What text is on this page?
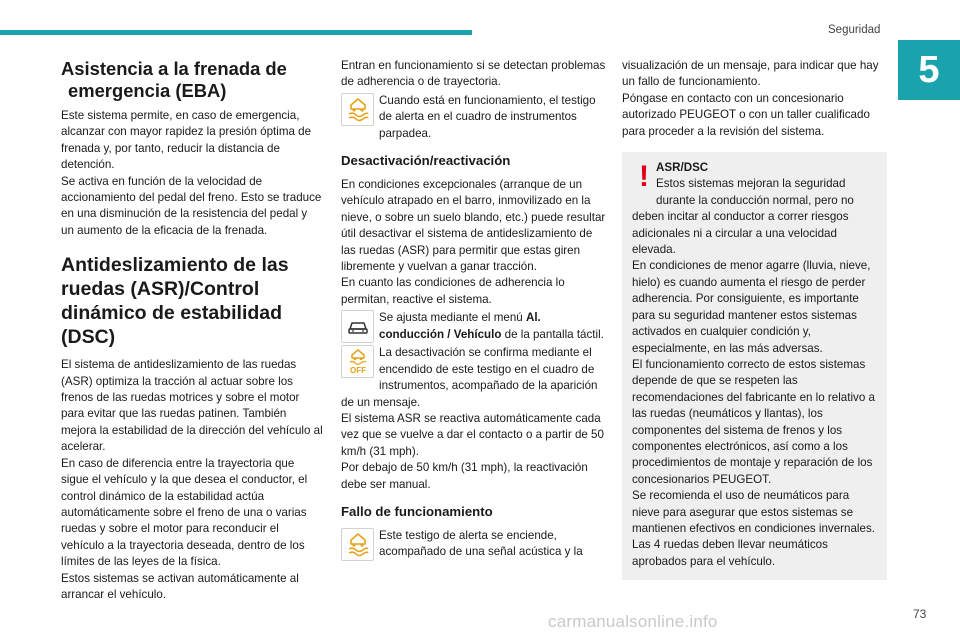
Seguridad
5
Asistencia a la frenada de emergencia (EBA)

Este sistema permite, en caso de emergencia, alcanzar con mayor rapidez la presión óptima de frenada y, por tanto, reducir la distancia de detención.

Se activa en función de la velocidad de accionamiento del pedal del freno. Esto se traduce en una disminución de la resistencia del pedal y un aumento de la eficacia de la frenada.

Antideslizamiento de las ruedas (ASR)/Control dinámico de estabilidad (DSC)

El sistema de antideslizamiento de las ruedas (ASR) optimiza la tracción al actuar sobre los frenos de las ruedas motrices y sobre el motor para evitar que las ruedas patinen. También mejora la estabilidad de la dirección del vehículo al acelerar.

En caso de diferencia entre la trayectoria que sigue el vehículo y la que desea el conductor, el control dinámico de la estabilidad actúa automáticamente sobre el freno de una o varias ruedas y sobre el motor para reconducir el vehículo a la trayectoria deseada, dentro de los límites de las leyes de la física.

Estos sistemas se activan automáticamente al arrancar el vehículo.

Entran en funcionamiento si se detectan problemas de adherencia o de trayectoria.

Cuando está en funcionamiento, el testigo de alerta en el cuadro de instrumentos parpadea.

Desactivación/reactivación

En condiciones excepcionales (arranque de un vehículo atrapado en el barro, inmovilizado en la nieve, o sobre un suelo blando, etc.) puede resultar útil desactivar el sistema de antideslizamiento de las ruedas (ASR) para permitir que estas giren libremente y vuelvan a ganar tracción.

En cuanto las condiciones de adherencia lo permitan, reactive el sistema.

Se ajusta mediante el menú Al. conducción / Vehículo de la pantalla táctil.

OFF

La desactivación se confirma mediante el encendido de este testigo en el cuadro de instrumentos, acompañado de la aparición de un mensaje.

El sistema ASR se reactiva automáticamente cada vez que se vuelve a dar el contacto o a partir de 50 km/h (31 mph).

Por debajo de 50 km/h (31 mph), la reactivación debe ser manual.

Fallo de funcionamiento

Este testigo de alerta se enciende, acompañado de una señal acústica y la

visualización de un mensaje, para indicar que hay un fallo de funcionamiento.

Póngase en contacto con un concesionario autorizado PEUGEOT o con un taller cualificado para proceder a la revisión del sistema.

! ASR/DSC

Estos sistemas mejoran la seguridad durante la conducción normal, pero no deben incitar al conductor a correr riesgos adicionales ni a circular a una velocidad elevada.

En condiciones de menor agarre (lluvia, nieve, hielo) es cuando aumenta el riesgo de perder adherencia. Por consiguiente, es importante para su seguridad mantener estos sistemas activados en cualquier condición y, especialmente, en las más adversas.

El funcionamiento correcto de estos sistemas depende de que se respeten las recomendaciones del fabricante en lo relativo a las ruedas (neumáticos y llantas), los componentes del sistema de frenos y los componentes electrónicos, así como a los procedimientos de montaje y reparación de los concesionarios PEUGEOT.

Se recomienda el uso de neumáticos para nieve para asegurar que estos sistemas se mantienen efectivos en condiciones invernales. Las 4 ruedas deben llevar neumáticos aprobados para el vehículo.

carmanualsonline.info	73
